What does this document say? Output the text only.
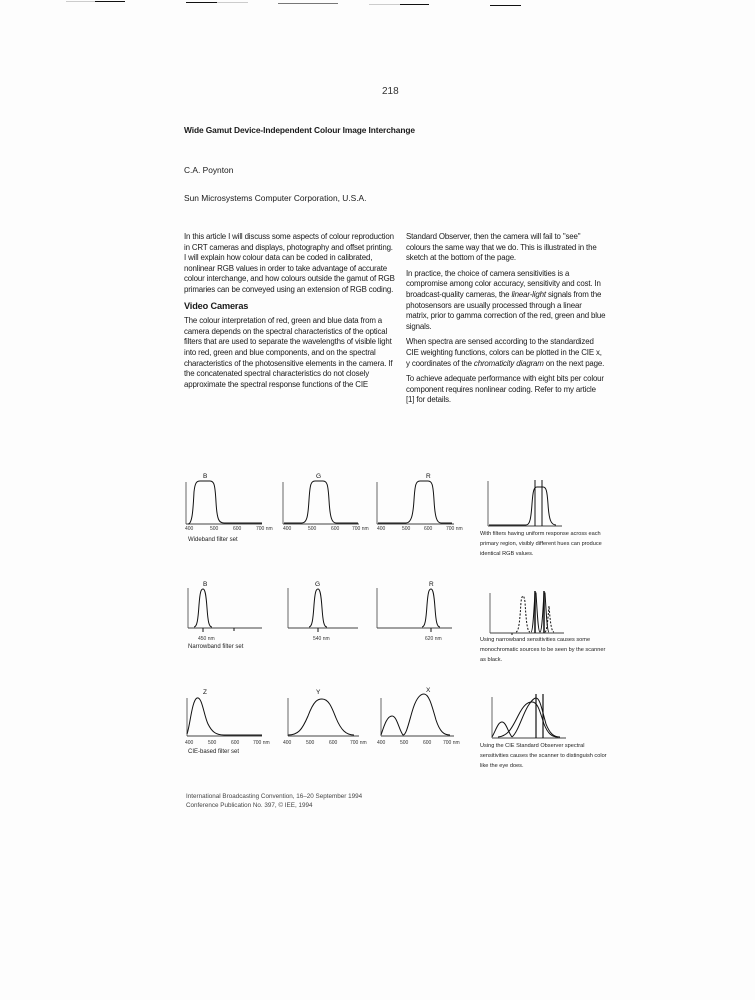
218
Wide Gamut Device-Independent Colour Image Interchange
C.A. Poynton
Sun Microsystems Computer Corporation, U.S.A.

In this article I will discuss some aspects of colour reproduction in CRT cameras and displays, photography and offset printing. I will explain how colour data can be coded in calibrated, nonlinear RGB values in order to take advantage of accurate colour interchange, and how colours outside the gamut of RGB primaries can be conveyed using an extension of RGB coding.

Video Cameras

The colour interpretation of red, green and blue data from a camera depends on the spectral characteristics of the optical filters that are used to separate the wavelengths of visible light into red, green and blue components, and on the spectral characteristics of the photosensitive elements in the camera. If the concatenated spectral characteristics do not closely approximate the spectral response functions of the CIE

Standard Observer, then the camera will fail to "see" colours the same way that we do. This is illustrated in the sketch at the bottom of the page.

In practice, the choice of camera sensitivities is a compromise among color accuracy, sensitivity and cost. In broadcast-quality cameras, the linear-light signals from the photosensors are usually processed through a linear matrix, prior to gamma correction of the red, green and blue signals.

When spectra are sensed according to the standardized CIE weighting functions, colors can be plotted in the CIE x, y coordinates of the chromaticity diagram on the next page.

To achieve adequate performance with eight bits per colour component requires nonlinear coding. Refer to my article [1] for details.

B	G	R
400	500	600	700 nm 400	500	600	700 nm 400	500	600	700 nm
Wideband filter set
With filters having uniform response across each primary region, visibly different hues can produce identical RGB values.
B	G	R
450 nm	540 nm	620 nm
Narrowband filter set
Using narrowband sensitivities causes some monochromatic sources to be seen by the scanner as black.
Z	Y	X
400	500	600	700 nm	400	500	600	700 nm 400	500	600 700 nm
CIE-based filter set
Using the CIE Standard Observer spectral sensitivities causes the scanner to distinguish color like the eye does.
International Broadcasting Convention, 16–20 September 1994
Conference Publication No. 397, © IEE, 1994
